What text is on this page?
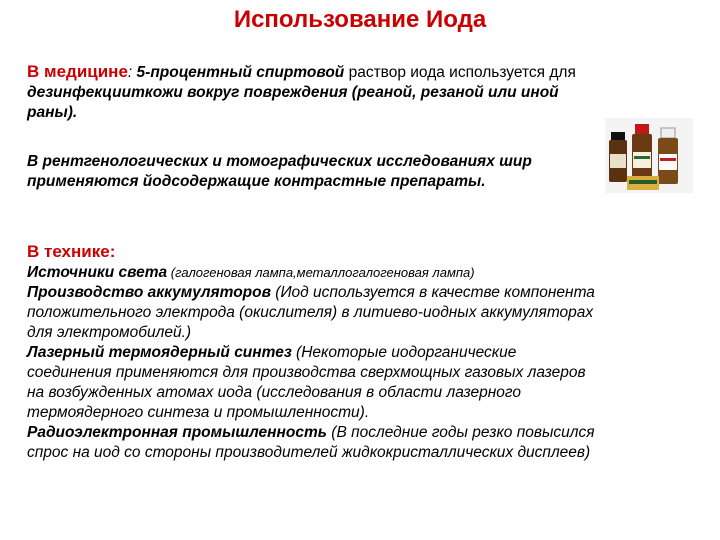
Использование Иода
В медицине: 5-процентный спиртовой раствор иода используется для
дезинфекцииткожи вокруг повреждения (реаной, резаной или иной
раны).
В рентгенологических и томографических исследованиях шир
применяются йодсодержащие контрастные препараты.
В технике:
Источники света (галогеновая лампа,металлогалогеновая лампа)
Производство аккумуляторов (Иод используется в качестве компонента
положительного электрода (окислителя) в литиево-иодных аккумуляторах
для электромобилей.)
Лазерный термоядерный синтез (Некоторые иодорганические
соединения применяются для производства сверхмощных газовых лазеров
на возбужденных атомах иода (исследования в области лазерного
термоядерного синтеза и промышленности).
Радиоэлектронная промышленность (В последние годы резко повысился
спрос на иод со стороны производителей жидкокристаллических дисплеев)
